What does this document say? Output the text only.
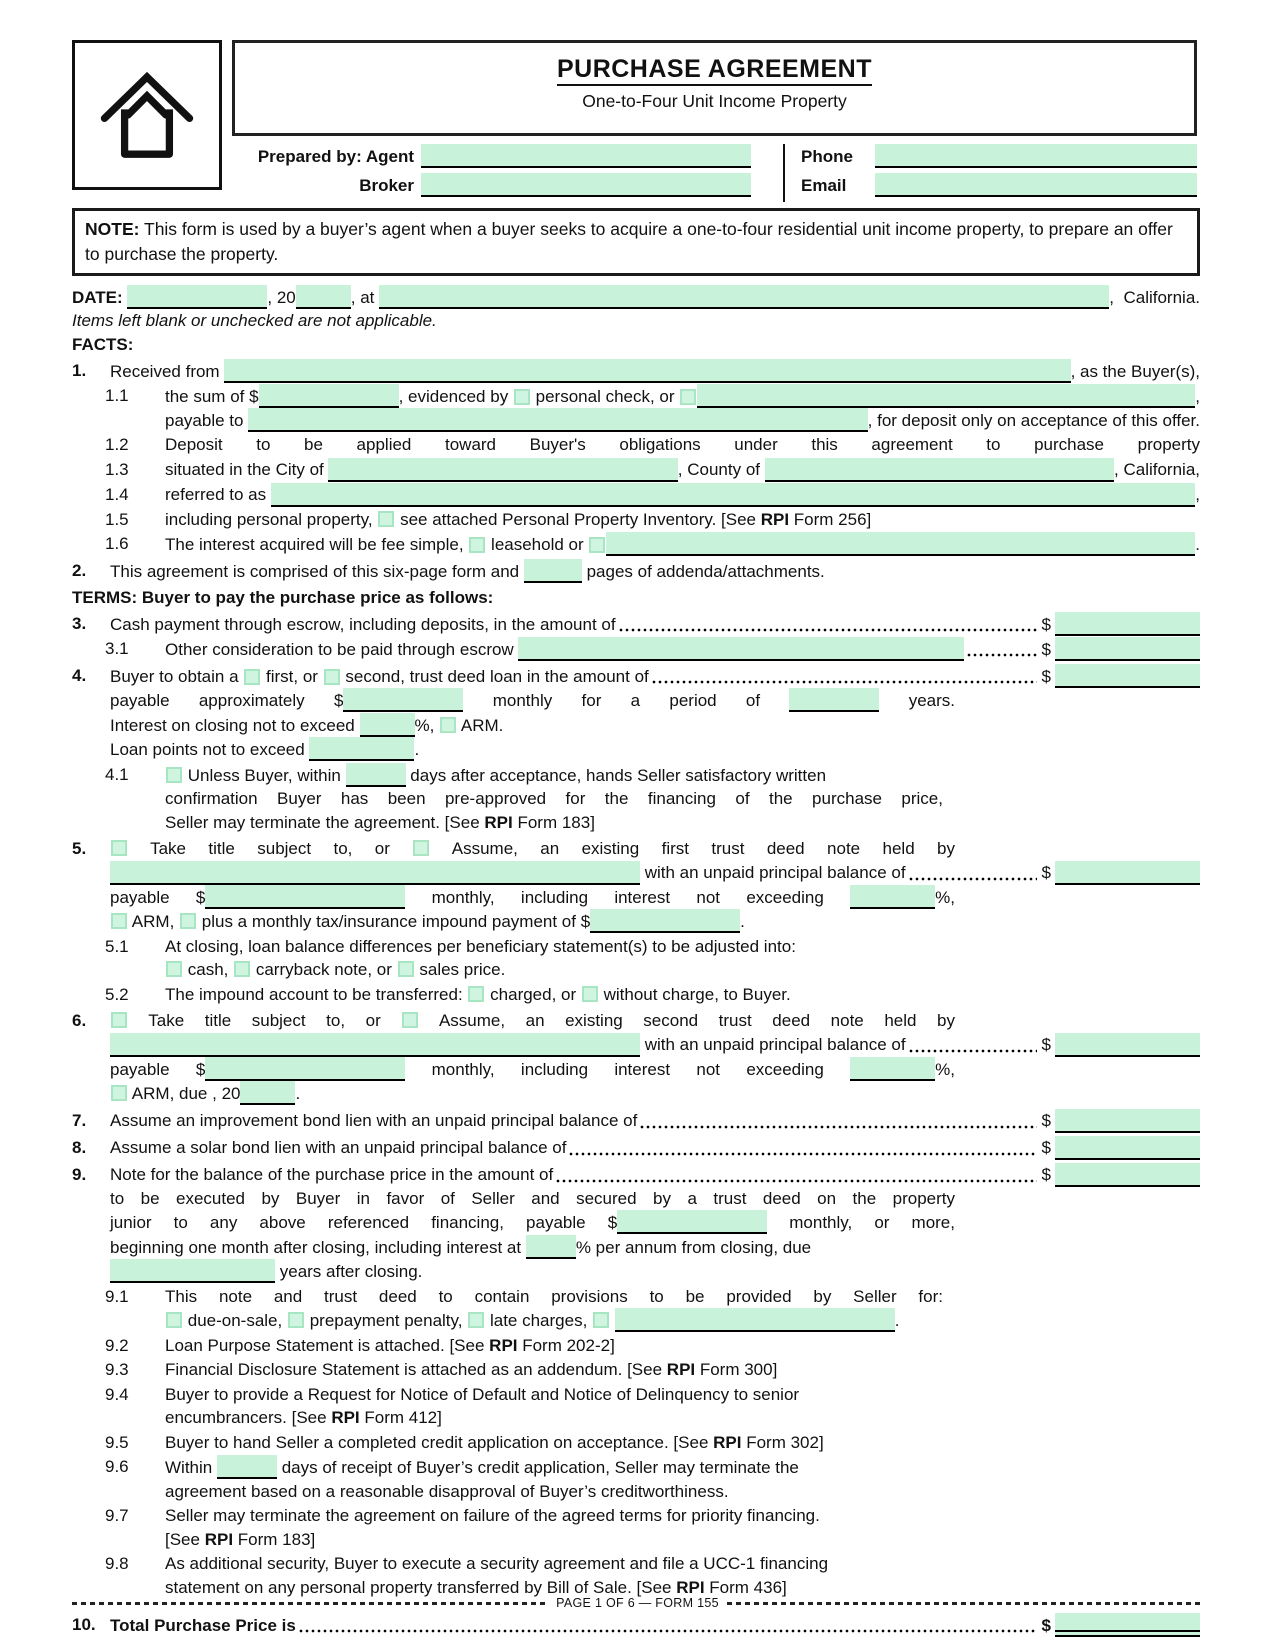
PURCHASE AGREEMENT
One-to-Four Unit Income Property
Prepared by: Agent
Broker
Phone
Email
NOTE: This form is used by a buyer’s agent when a buyer seeks to acquire a one-to-four residential unit income property, to prepare an offer to purchase the property.
DATE:	, 20	, at	,  California.
Items left blank or unchecked are not applicable.
FACTS:
1.	Received from	, as the Buyer(s),
1.1	the sum of $	, evidenced by personal check, or	,
payable to	, for deposit only on acceptance of this offer.
1.2	Deposit to be applied toward Buyer's obligations under this agreement to purchase property
1.3	situated in the City of	, County of	, California,
1.4	referred to as	,
1.5	including personal property, see attached Personal Property Inventory. [See RPI Form 256]
1.6	The interest acquired will be fee simple, leasehold or	.
2.	This agreement is comprised of this six-page form and	pages of addenda/attachments.
TERMS: Buyer to pay the purchase price as follows:
3.	Cash payment through escrow, including deposits, in the amount of	$
3.1	Other consideration to be paid through escrow	$
4.	Buyer to obtain a first, or second, trust deed loan in the amount of	$
payable approximately $	monthly for a period of	years.
Interest on closing not to exceed	%, ARM.
Loan points not to exceed	.
4.1	Unless Buyer, within	days after acceptance, hands Seller satisfactory written
confirmation Buyer has been pre-approved for the financing of the purchase price,
Seller may terminate the agreement. [See RPI Form 183]
5.	Take title subject to, or	Assume, an existing first trust deed note held by
with an unpaid principal balance of	$
payable $	monthly, including interest not exceeding	%,
ARM, plus a monthly tax/insurance impound payment of $	.
5.1	At closing, loan balance differences per beneficiary statement(s) to be adjusted into:
cash, carryback note, or sales price.
5.2	The impound account to be transferred: charged, or without charge, to Buyer.
6.	Take title subject to, or	Assume, an existing second trust deed note held by
with an unpaid principal balance of	$
payable $	monthly, including interest not exceeding	%,
ARM, due , 20	.
7.	Assume an improvement bond lien with an unpaid principal balance of	$
8.	Assume a solar bond lien with an unpaid principal balance of	$
9.	Note for the balance of the purchase price in the amount of	$
to be executed by Buyer in favor of Seller and secured by a trust deed on the property
junior to any above referenced financing, payable $	monthly, or more,
beginning one month after closing, including interest at	% per annum from closing, due
years after closing.
9.1	This note and trust deed to contain provisions to be provided by Seller for:
due-on-sale, prepayment penalty, late charges,	.
9.2	Loan Purpose Statement is attached. [See RPI Form 202-2]
9.3	Financial Disclosure Statement is attached as an addendum. [See RPI Form 300]
9.4	Buyer to provide a Request for Notice of Default and Notice of Delinquency to senior
encumbrancers. [See RPI Form 412]
9.5	Buyer to hand Seller a completed credit application on acceptance. [See RPI Form 302]
9.6	Within	days of receipt of Buyer’s credit application, Seller may terminate the
agreement based on a reasonable disapproval of Buyer’s creditworthiness.
9.7	Seller may terminate the agreement on failure of the agreed terms for priority financing.
[See RPI Form 183]
9.8	As additional security, Buyer to execute a security agreement and file a UCC-1 financing
statement on any personal property transferred by Bill of Sale. [See RPI Form 436]
10. Total Purchase Price is	$
PAGE 1 OF 6 — FORM 155
